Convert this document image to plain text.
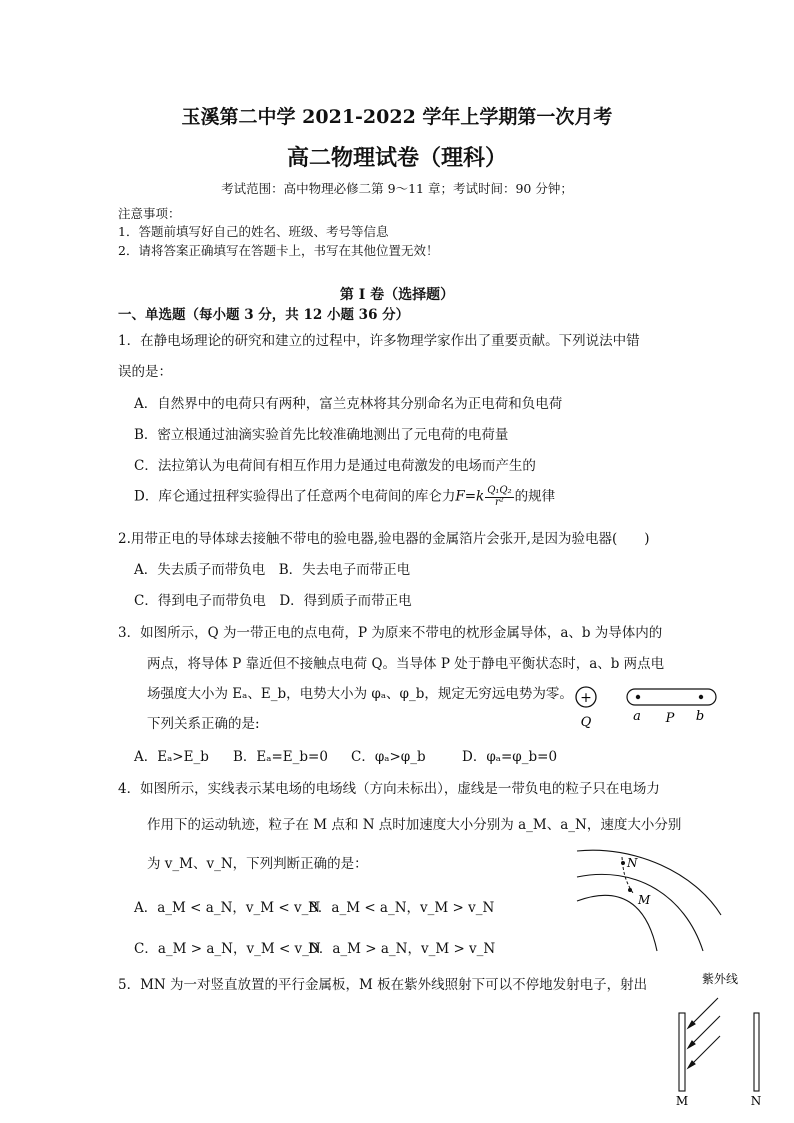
玉溪第二中学 2021-2022 学年上学期第一次月考
高二物理试卷（理科）
考试范围：高中物理必修二第 9～11 章；考试时间：90 分钟；
注意事项：
1．答题前填写好自己的姓名、班级、考号等信息
2．请将答案正确填写在答题卡上，书写在其他位置无效！
第 I 卷（选择题）
一、单选题（每小题 3 分，共 12 小题 36 分）
1．在静电场理论的研究和建立的过程中，许多物理学家作出了重要贡献。下列说法中错
误的是：
A．自然界中的电荷只有两种，富兰克林将其分别命名为正电荷和负电荷
B．密立根通过油滴实验首先比较准确地测出了元电荷的电荷量
C．法拉第认为电荷间有相互作用力是通过电荷激发的电场而产生的
D．库仑通过扭秤实验得出了任意两个电荷间的库仑力$F=k \frac{\text{Q₁Q₂}}{\text{r²}}$ 的规律
2.用带正电的导体球去接触不带电的验电器,验电器的金属箔片会张开,是因为验电器(　　)
A．失去质子而带负电　B．失去电子而带正电
C．得到电子而带负电　D．得到质子而带正电
3．如图所示，Q 为一带正电的点电荷，P 为原来不带电的枕形金属导体，a、b 为导体内的
两点，将导体 P 靠近但不接触点电荷 Q。当导体 P 处于静电平衡状态时，a、b 两点电
场强度大小为 Eₐ、E_b，电势大小为 φₐ、φ_b，规定无穷远电势为零。
下列关系正确的是:
A．Eₐ>E_b B．Eₐ=E_b=0 C．φₐ>φ_b	D．φₐ=φ_b=0
+
Q	a P b
4．如图所示，实线表示某电场的电场线（方向未标出），虚线是一带负电的粒子只在电场力
作用下的运动轨迹，粒子在 M 点和 N 点时加速度大小分别为 a_M、a_N，速度大小分别
为 v_M、v_N，下列判断正确的是：
A．a_M < a_N，v_M < v_N
B．a_M < a_N，v_M > v_N
C．a_M > a_N，v_M < v_N
D．a_M > a_N，v_M > v_N
N
M
5．MN 为一对竖直放置的平行金属板，M 板在紫外线照射下可以不停地发射电子，射出	紫外线
M	N
